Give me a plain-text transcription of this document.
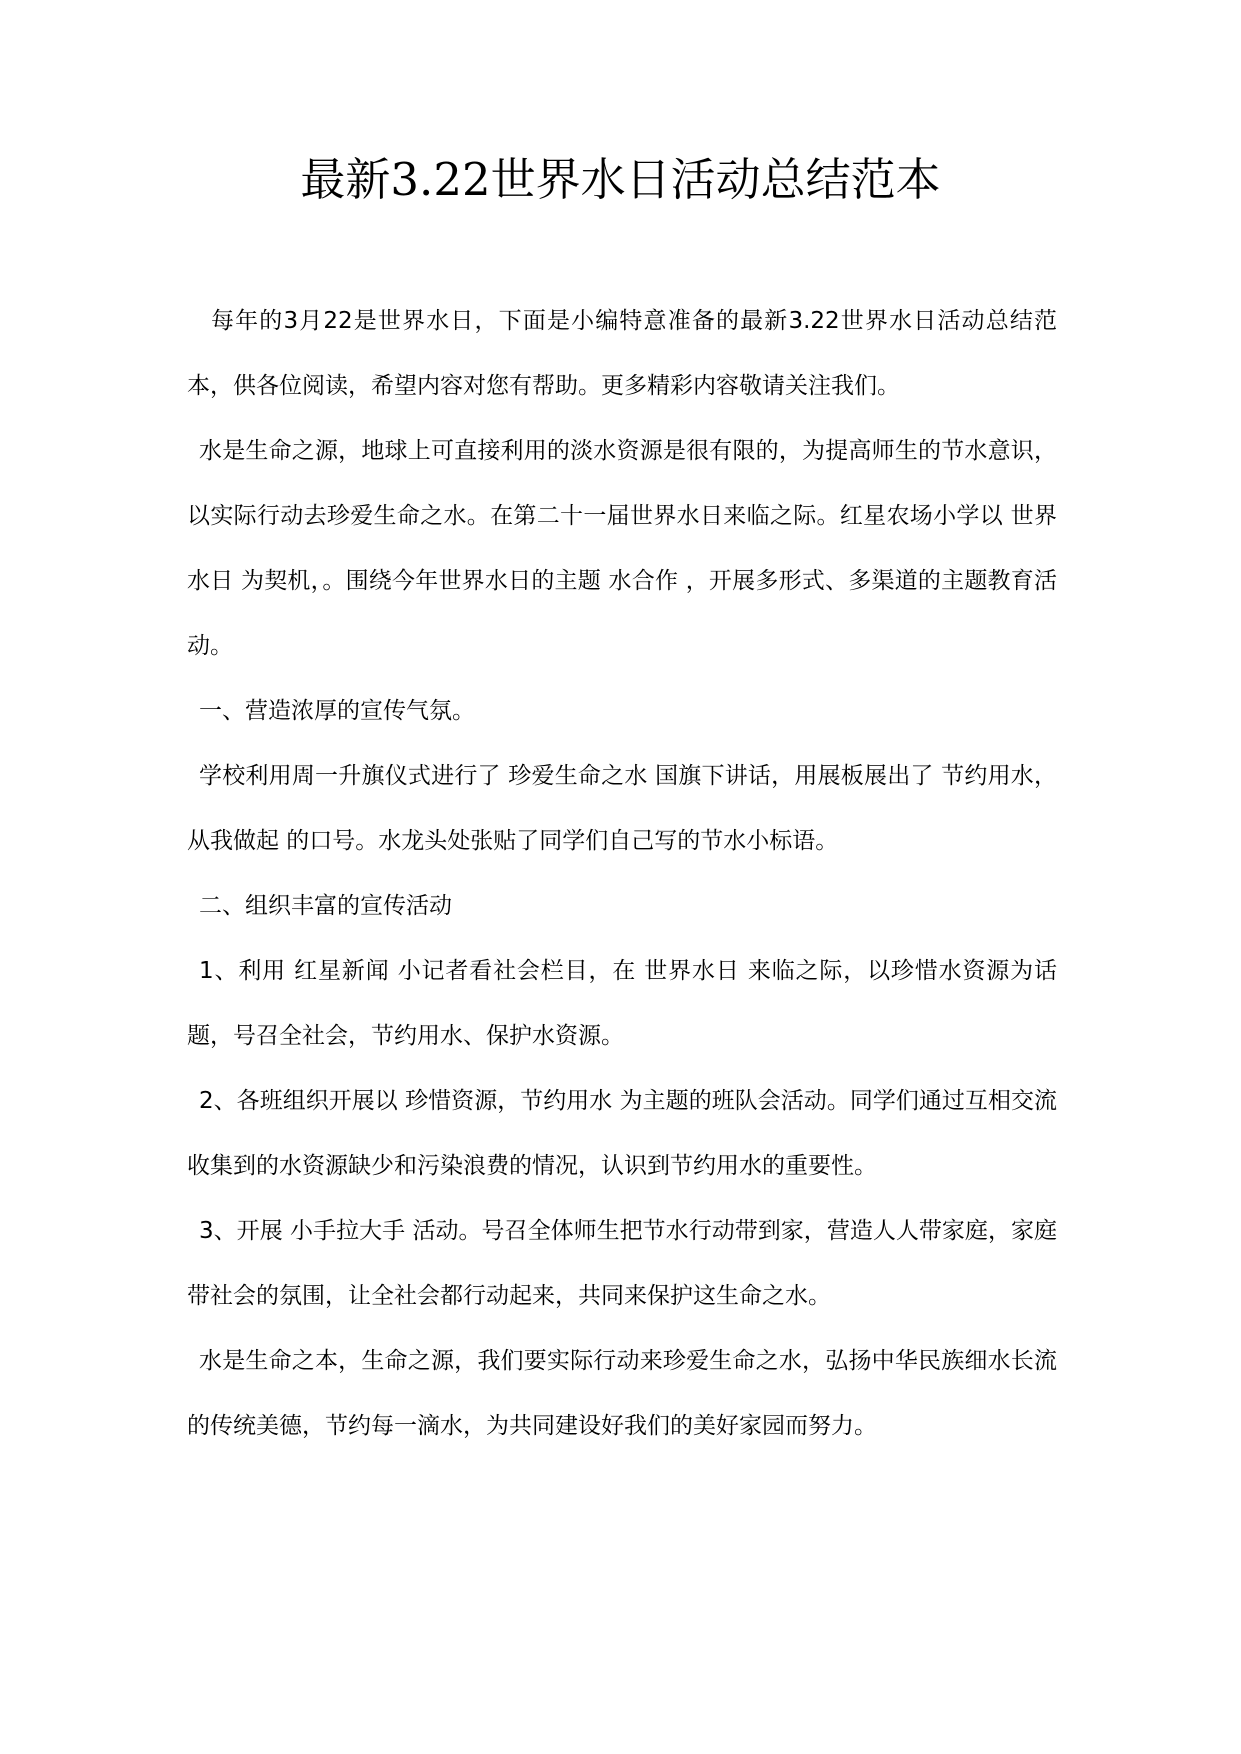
最新3.22世界水日活动总结范本

每年的3月22是世界水日，下面是小编特意准备的最新3.22世界水日活动总结范本，供各位阅读，希望内容对您有帮助。更多精彩内容敬请关注我们。

水是生命之源，地球上可直接利用的淡水资源是很有限的，为提高师生的节水意识，以实际行动去珍爱生命之水。在第二十一届世界水日来临之际。红星农场小学以 世界水日 为契机，。围绕今年世界水日的主题 水合作 ，开展多形式、多渠道的主题教育活动。

一、营造浓厚的宣传气氛。

学校利用周一升旗仪式进行了 珍爱生命之水 国旗下讲话，用展板展出了 节约用水，从我做起 的口号。水龙头处张贴了同学们自己写的节水小标语。

二、组织丰富的宣传活动

1、利用 红星新闻 小记者看社会栏目，在 世界水日 来临之际，以珍惜水资源为话题，号召全社会，节约用水、保护水资源。

2、各班组织开展以 珍惜资源，节约用水 为主题的班队会活动。同学们通过互相交流收集到的水资源缺少和污染浪费的情况，认识到节约用水的重要性。

3、开展 小手拉大手 活动。号召全体师生把节水行动带到家，营造人人带家庭，家庭带社会的氛围，让全社会都行动起来，共同来保护这生命之水。

水是生命之本，生命之源，我们要实际行动来珍爱生命之水，弘扬中华民族细水长流的传统美德，节约每一滴水，为共同建设好我们的美好家园而努力。
